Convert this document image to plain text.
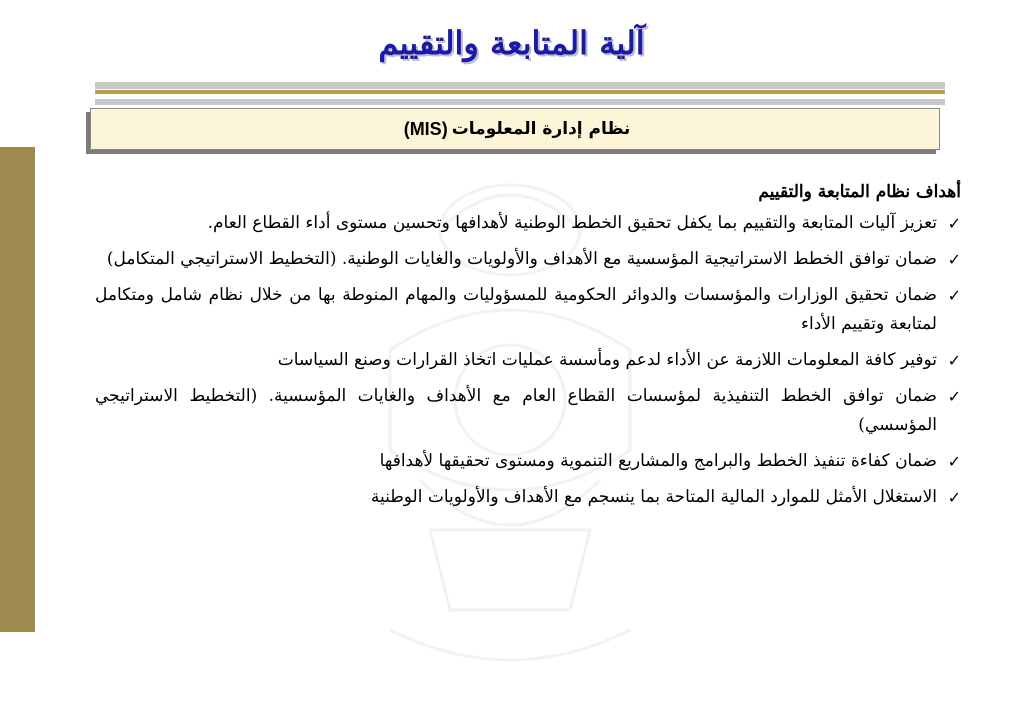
آلية المتابعة والتقييم
نظام إدارة المعلومات
(MIS)
أهداف نظام المتابعة والتقييم
✓
تعزيز آليات المتابعة والتقييم بما يكفل تحقيق الخطط الوطنية لأهدافها وتحسين مستوى أداء القطاع العام.
✓
ضمان توافق الخطط الاستراتيجية المؤسسية مع الأهداف والأولويات والغايات الوطنية. (التخطيط الاستراتيجي المتكامل)
✓
ضمان تحقيق الوزارات والمؤسسات والدوائر الحكومية للمسؤوليات والمهام المنوطة بها من خلال نظام شامل ومتكامل لمتابعة وتقييم الأداء
✓
توفير كافة المعلومات اللازمة عن الأداء لدعم ومأسسة عمليات اتخاذ القرارات وصنع السياسات
✓
ضمان توافق الخطط التنفيذية لمؤسسات القطاع العام مع الأهداف والغايات المؤسسية. (التخطيط الاستراتيجي المؤسسي)
✓
ضمان كفاءة تنفيذ الخطط والبرامج والمشاريع التنموية ومستوى تحقيقها لأهدافها
✓
الاستغلال الأمثل للموارد المالية المتاحة بما ينسجم مع الأهداف والأولويات الوطنية
